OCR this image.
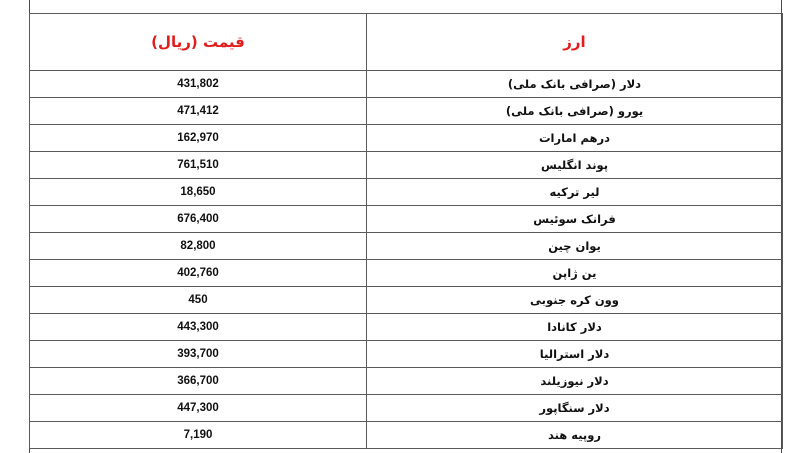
ارز	قیمت (ریال)
دلار (صرافی بانک ملی)	431,802
یورو (صرافی بانک ملی)	471,412
درهم امارات	162,970
پوند انگلیس	761,510
لیر ترکیه	18,650
فرانک سوئیس	676,400
یوان چین	82,800
ین ژاپن	402,760
وون کره جنوبی	450
دلار کانادا	443,300
دلار استرالیا	393,700
دلار نیوزیلند	366,700
دلار سنگاپور	447,300
روپیه هند	7,190
